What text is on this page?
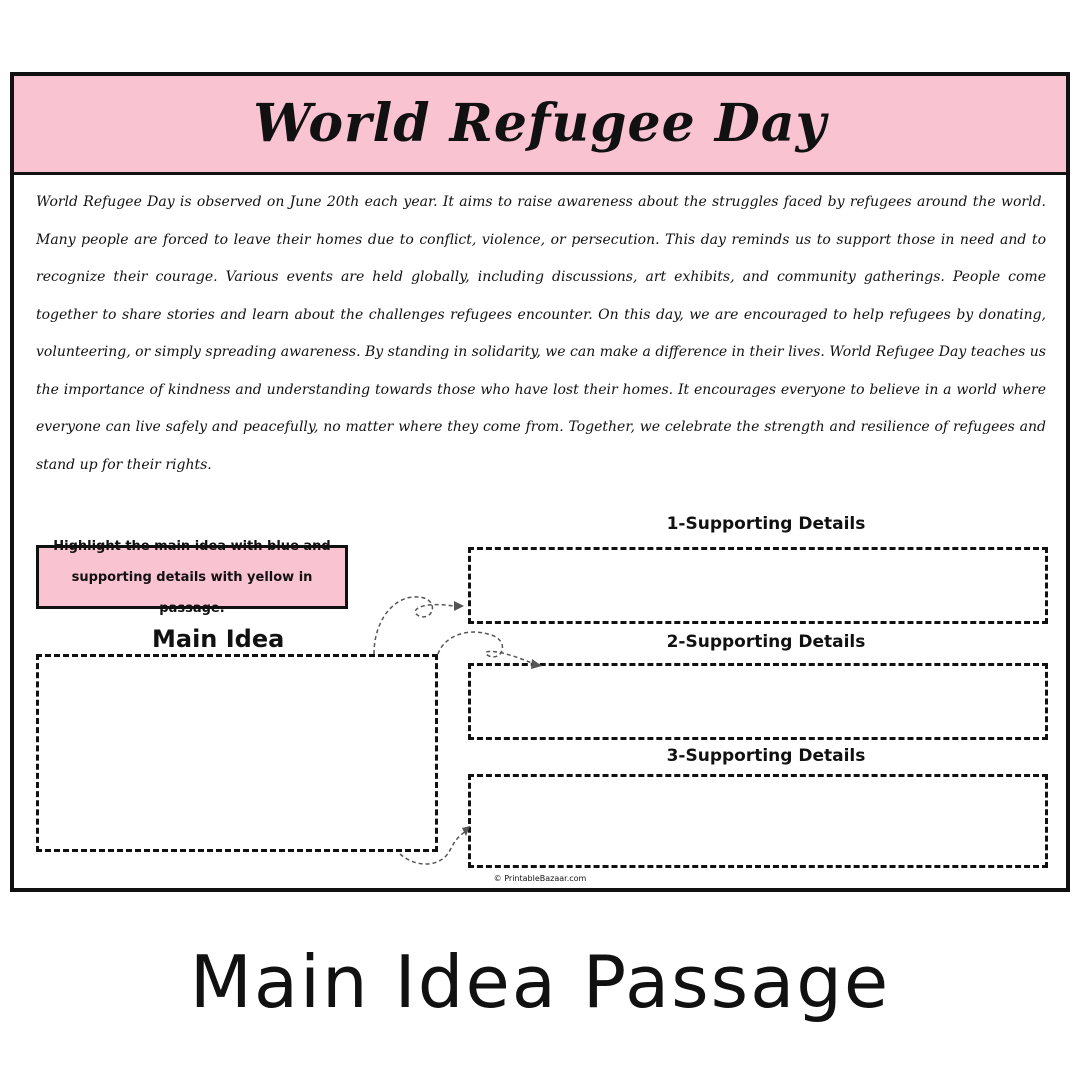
World Refugee Day

World Refugee Day is observed on June 20th each year. It aims to raise awareness about the struggles faced by refugees around the world. Many people are forced to leave their homes due to conflict, violence, or persecution. This day reminds us to support those in need and to recognize their courage. Various events are held globally, including discussions, art exhibits, and community gatherings. People come together to share stories and learn about the challenges refugees encounter. On this day, we are encouraged to help refugees by donating, volunteering, or simply spreading awareness. By standing in solidarity, we can make a difference in their lives. World Refugee Day teaches us the importance of kindness and understanding towards those who have lost their homes. It encourages everyone to believe in a world where everyone can live safely and peacefully, no matter where they come from. Together, we celebrate the strength and resilience of refugees and stand up for their rights.

Highlight the main idea with blue and supporting details with yellow in passage.
Main Idea
1-Supporting Details
2-Supporting Details
3-Supporting Details
© PrintableBazaar.com
Main Idea Passage
